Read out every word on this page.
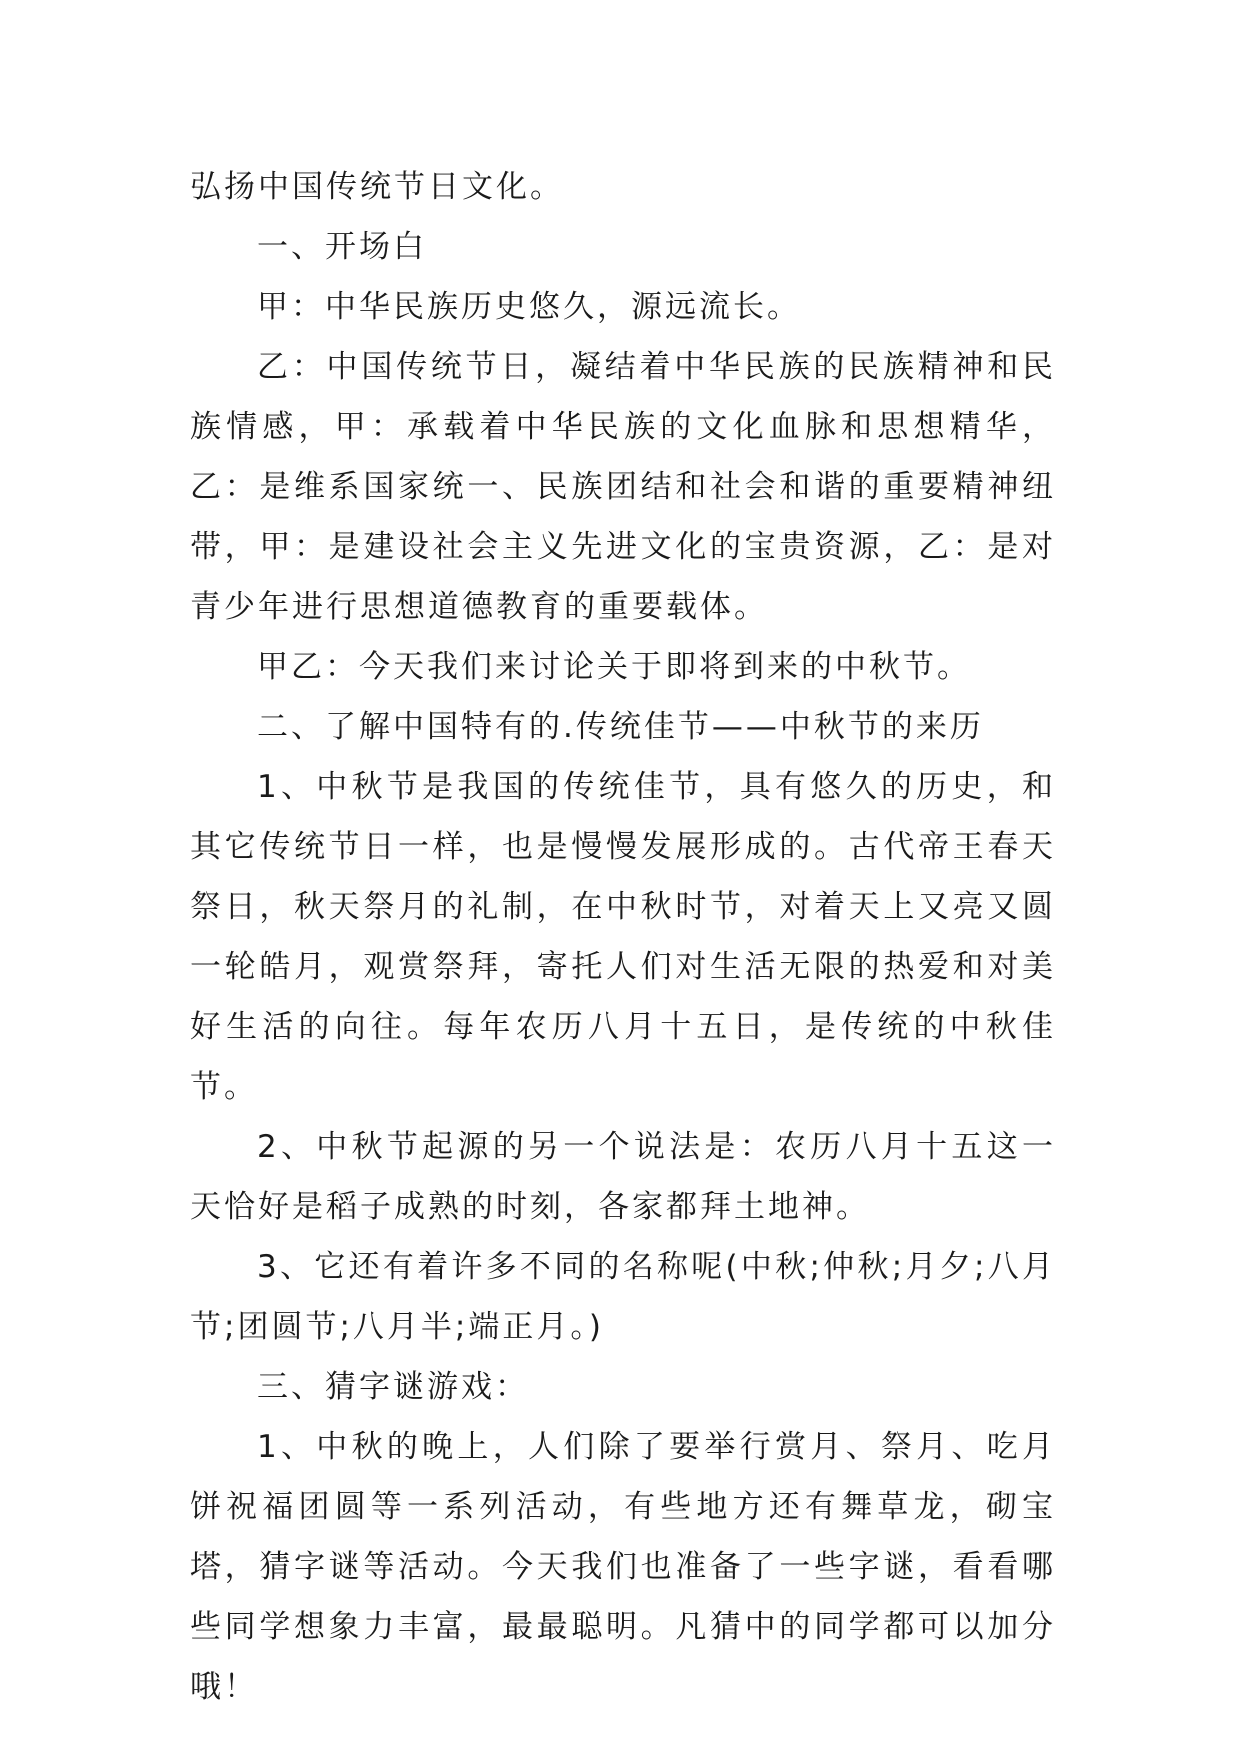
弘扬中国传统节日文化。

一、开场白

甲：中华民族历史悠久，源远流长。

乙：中国传统节日，凝结着中华民族的民族精神和民族情感，甲：承载着中华民族的文化血脉和思想精华，乙：是维系国家统一、民族团结和社会和谐的重要精神纽带，甲：是建设社会主义先进文化的宝贵资源，乙：是对青少年进行思想道德教育的重要载体。

甲乙：今天我们来讨论关于即将到来的中秋节。

二、了解中国特有的.传统佳节——中秋节的来历

1、中秋节是我国的传统佳节，具有悠久的历史，和其它传统节日一样，也是慢慢发展形成的。古代帝王春天祭日，秋天祭月的礼制，在中秋时节，对着天上又亮又圆一轮皓月，观赏祭拜，寄托人们对生活无限的热爱和对美好生活的向往。每年农历八月十五日，是传统的中秋佳节。

2、中秋节起源的另一个说法是：农历八月十五这一天恰好是稻子成熟的时刻，各家都拜土地神。

3、它还有着许多不同的名称呢(中秋;仲秋;月夕;八月节;团圆节;八月半;端正月。)

三、猜字谜游戏：

1、中秋的晚上，人们除了要举行赏月、祭月、吃月饼祝福团圆等一系列活动，有些地方还有舞草龙，砌宝塔，猜字谜等活动。今天我们也准备了一些字谜，看看哪些同学想象力丰富，最最聪明。凡猜中的同学都可以加分哦！
